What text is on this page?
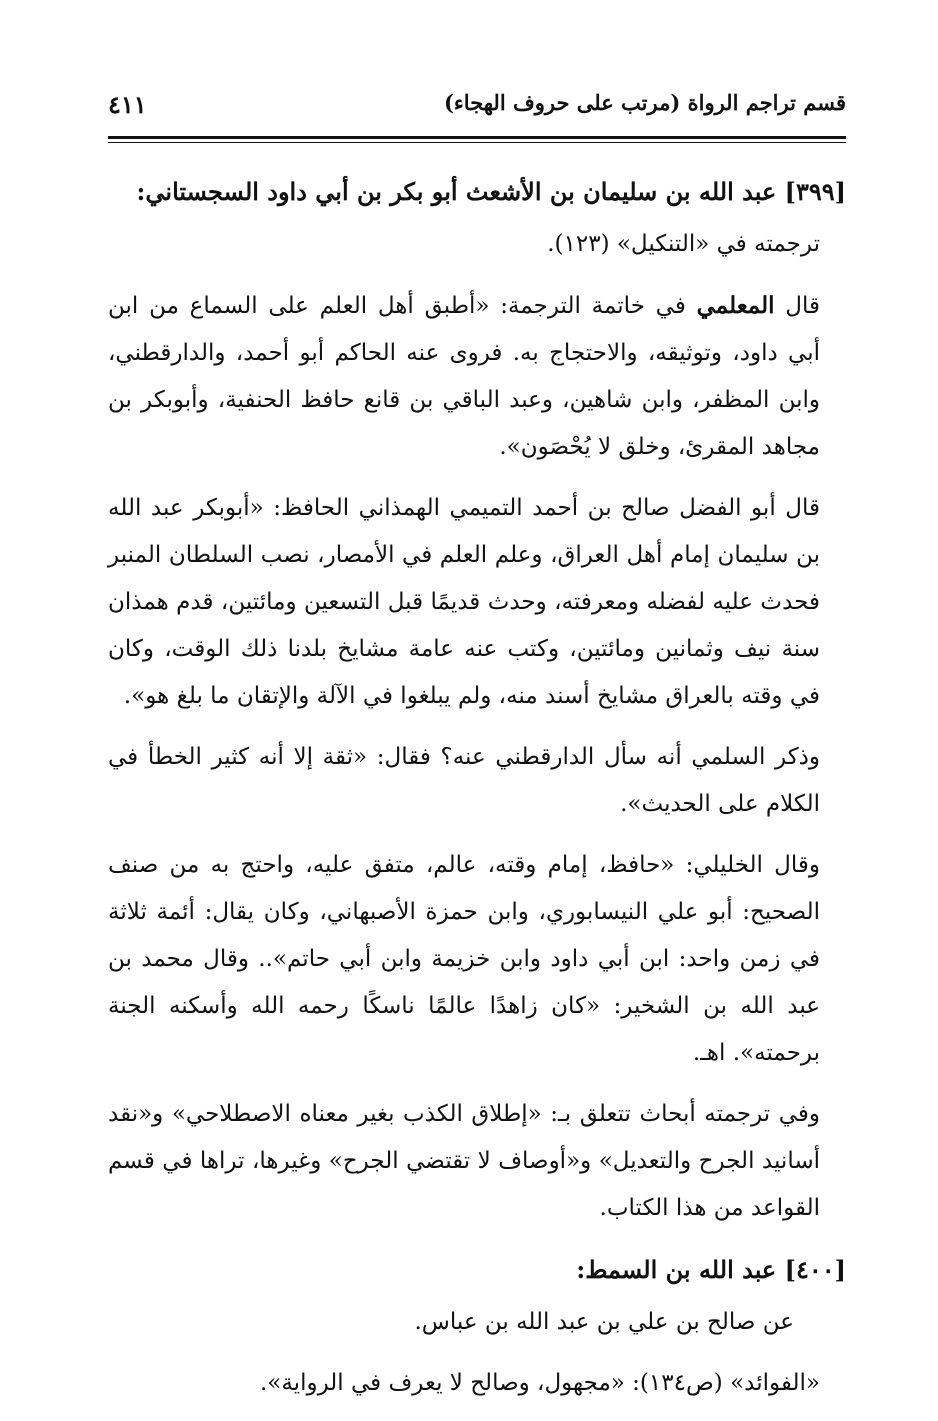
قسم تراجم الرواة (مرتب على حروف الهجاء)
٤١١

[٣٩٩] عبد الله بن سليمان بن الأشعث أبو بكر بن أبي داود السجستاني:

ترجمته في «التنكيل» (١٢٣).

قال المعلمي في خاتمة الترجمة: «أطبق أهل العلم على السماع من ابن أبي داود، وتوثيقه، والاحتجاج به. فروى عنه الحاكم أبو أحمد، والدارقطني، وابن المظفر، وابن شاهين، وعبد الباقي بن قانع حافظ الحنفية، وأبوبكر بن مجاهد المقرئ، وخلق لا يُحْصَون».

قال أبو الفضل صالح بن أحمد التميمي الهمذاني الحافظ: «أبوبكر عبد الله بن سليمان إمام أهل العراق، وعلم العلم في الأمصار، نصب السلطان المنبر فحدث عليه لفضله ومعرفته، وحدث قديمًا قبل التسعين ومائتين، قدم همذان سنة نيف وثمانين ومائتين، وكتب عنه عامة مشايخ بلدنا ذلك الوقت، وكان في وقته بالعراق مشايخ أسند منه، ولم يبلغوا في الآلة والإتقان ما بلغ هو».

وذكر السلمي أنه سأل الدارقطني عنه؟ فقال: «ثقة إلا أنه كثير الخطأ في الكلام على الحديث».

وقال الخليلي: «حافظ، إمام وقته، عالم، متفق عليه، واحتج به من صنف الصحيح: أبو علي النيسابوري، وابن حمزة الأصبهاني، وكان يقال: أئمة ثلاثة في زمن واحد: ابن أبي داود وابن خزيمة وابن أبي حاتم».. وقال محمد بن عبد الله بن الشخير: «كان زاهدًا عالمًا ناسكًا رحمه الله وأسكنه الجنة برحمته». اهـ.

وفي ترجمته أبحاث تتعلق بـ: «إطلاق الكذب بغير معناه الاصطلاحي» و«نقد أسانيد الجرح والتعديل» و«أوصاف لا تقتضي الجرح» وغيرها، تراها في قسم القواعد من هذا الكتاب.

[٤٠٠] عبد الله بن السمط:

عن صالح بن علي بن عبد الله بن عباس.

«الفوائد» (ص١٣٤): «مجهول، وصالح لا يعرف في الرواية».
